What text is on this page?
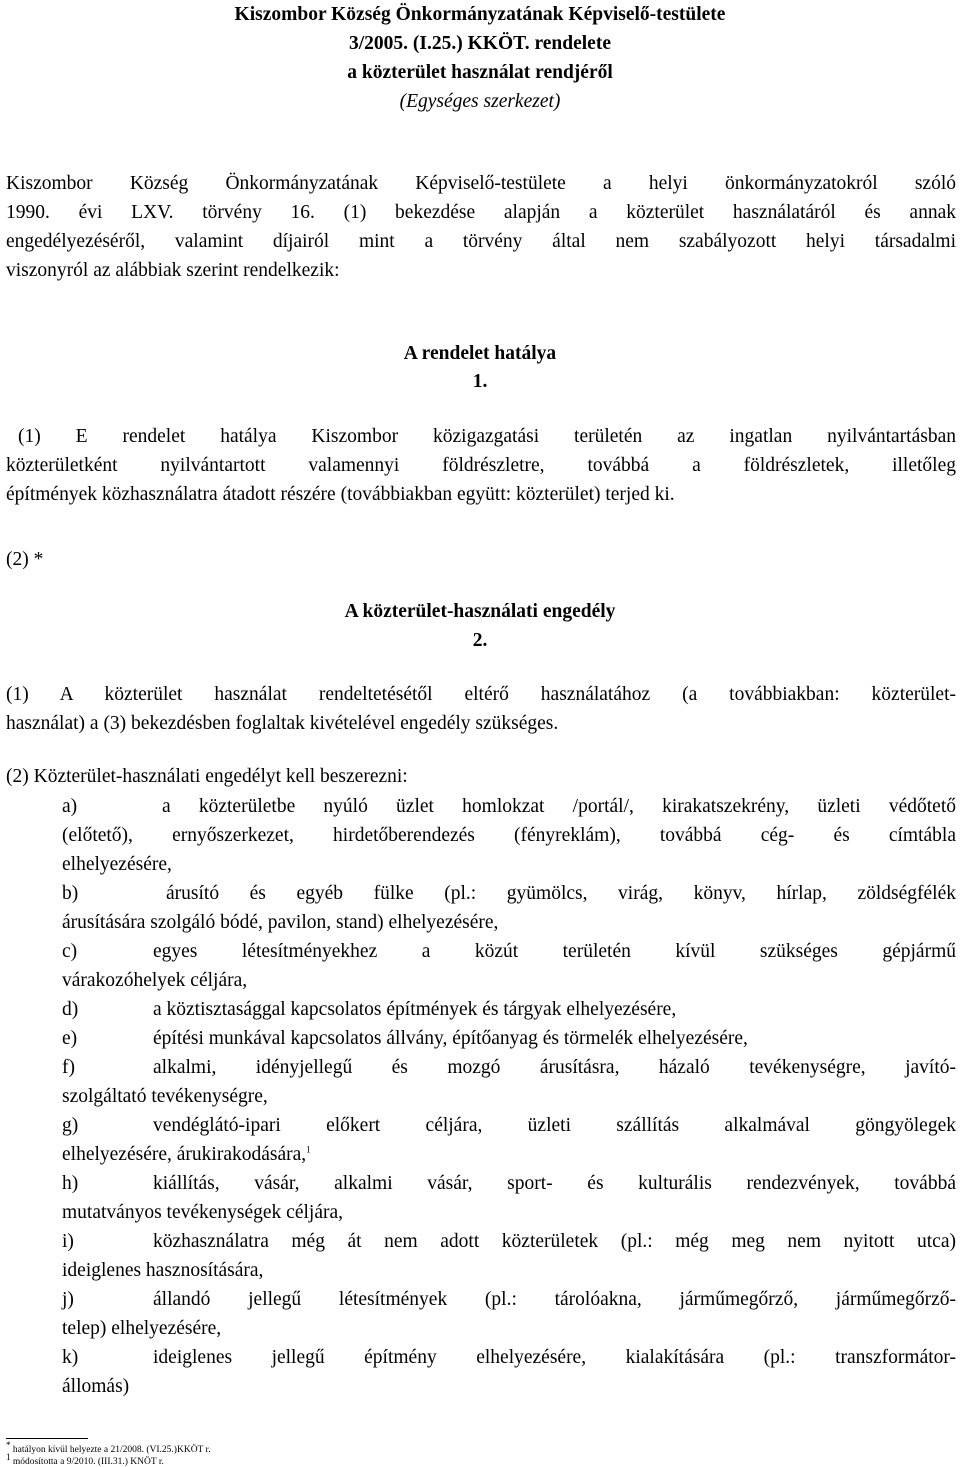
Kiszombor Község Önkormányzatának Képviselő-testülete
3/2005. (I.25.) KKÖT. rendelete
a közterület használat rendjéről
(Egységes szerkezet)
Kiszombor Község Önkormányzatának Képviselő-testülete a helyi önkormányzatokról szóló
1990. évi LXV. törvény 16. (1) bekezdése alapján a közterület használatáról és annak
engedélyezéséről, valamint díjairól mint a törvény által nem szabályozott helyi társadalmi
viszonyról az alábbiak szerint rendelkezik:
A rendelet hatálya
1.
(1) E rendelet hatálya Kiszombor közigazgatási területén az ingatlan nyilvántartásban
közterületként nyilvántartott valamennyi földrészletre, továbbá a földrészletek, illetőleg
építmények közhasználatra átadott részére (továbbiakban együtt: közterület) terjed ki.
(2) *
A közterület-használati engedély
2.
(1) A közterület használat rendeltetésétől eltérő használatához (a továbbiakban: közterület-
használat) a (3) bekezdésben foglaltak kivételével engedély szükséges.
(2) Közterület-használati engedélyt kell beszerezni:
a)	a közterületbe nyúló üzlet homlokzat /portál/, kirakatszekrény, üzleti védőtető
(előtető), ernyőszerkezet, hirdetőberendezés (fényreklám), továbbá cég- és címtábla
elhelyezésére,
b)	árusító és egyéb fülke (pl.: gyümölcs, virág, könyv, hírlap, zöldségfélék
árusítására szolgáló bódé, pavilon, stand) elhelyezésére,
c)	egyes létesítményekhez a közút területén kívül szükséges gépjármű
várakozóhelyek céljára,
d)	a köztisztasággal kapcsolatos építmények és tárgyak elhelyezésére,
e)	építési munkával kapcsolatos állvány, építőanyag és törmelék elhelyezésére,
f)	alkalmi, idényjellegű és mozgó árusításra, házaló tevékenységre, javító-
szolgáltató tevékenységre,
g)	vendéglátó-ipari előkert céljára, üzleti szállítás alkalmával göngyölegek
elhelyezésére, árukirakodására,$^1$
h)	kiállítás, vásár, alkalmi vásár, sport- és kulturális rendezvények, továbbá
mutatványos tevékenységek céljára,
i)	közhasználatra még át nem adott közterületek (pl.: még meg nem nyitott utca)
ideiglenes hasznosítására,
j)	állandó jellegű létesítmények (pl.: tárolóakna, járműmegőrző, járműmegőrző-
telep) elhelyezésére,
k)	ideiglenes jellegű építmény elhelyezésére, kialakítására (pl.: transzformátor-
állomás)
* hatályon kívül helyezte a 21/2008. (VI.25.)KKÖT r.
1 módosította a 9/2010. (III.31.) KNÖT r.
